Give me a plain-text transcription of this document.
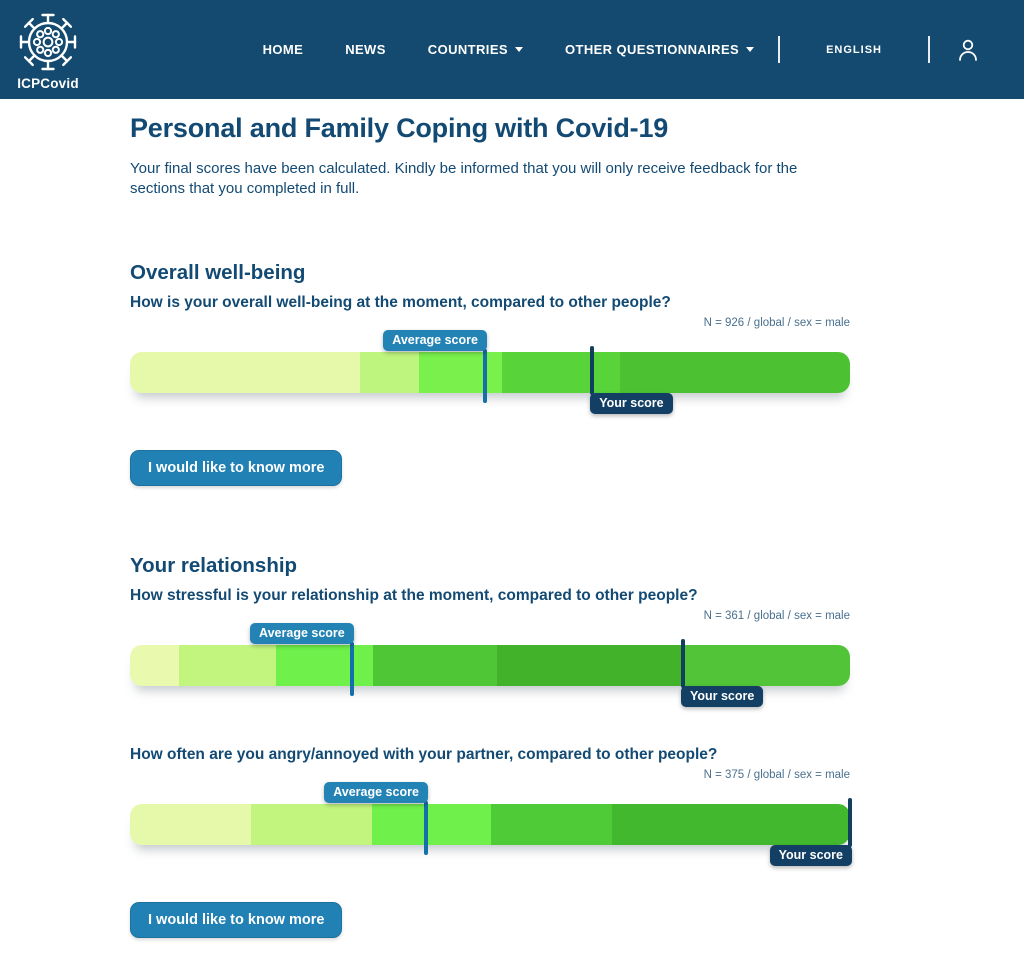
ICPCovid
HOME	NEWS	COUNTRIES	OTHER QUESTIONNAIRES	ENGLISH
Personal and Family Coping with Covid-19

Your final scores have been calculated. Kindly be informed that you will only receive feedback for the sections that you completed in full.

Overall well-being

How is your overall well-being at the moment, compared to other people?

N = 926 / global / sex = male
Average score
Your score
I would like to know more
Your relationship

How stressful is your relationship at the moment, compared to other people?

N = 361 / global / sex = male
Average score
Your score

How often are you angry/annoyed with your partner, compared to other people?

N = 375 / global / sex = male
Average score
Your score
I would like to know more
